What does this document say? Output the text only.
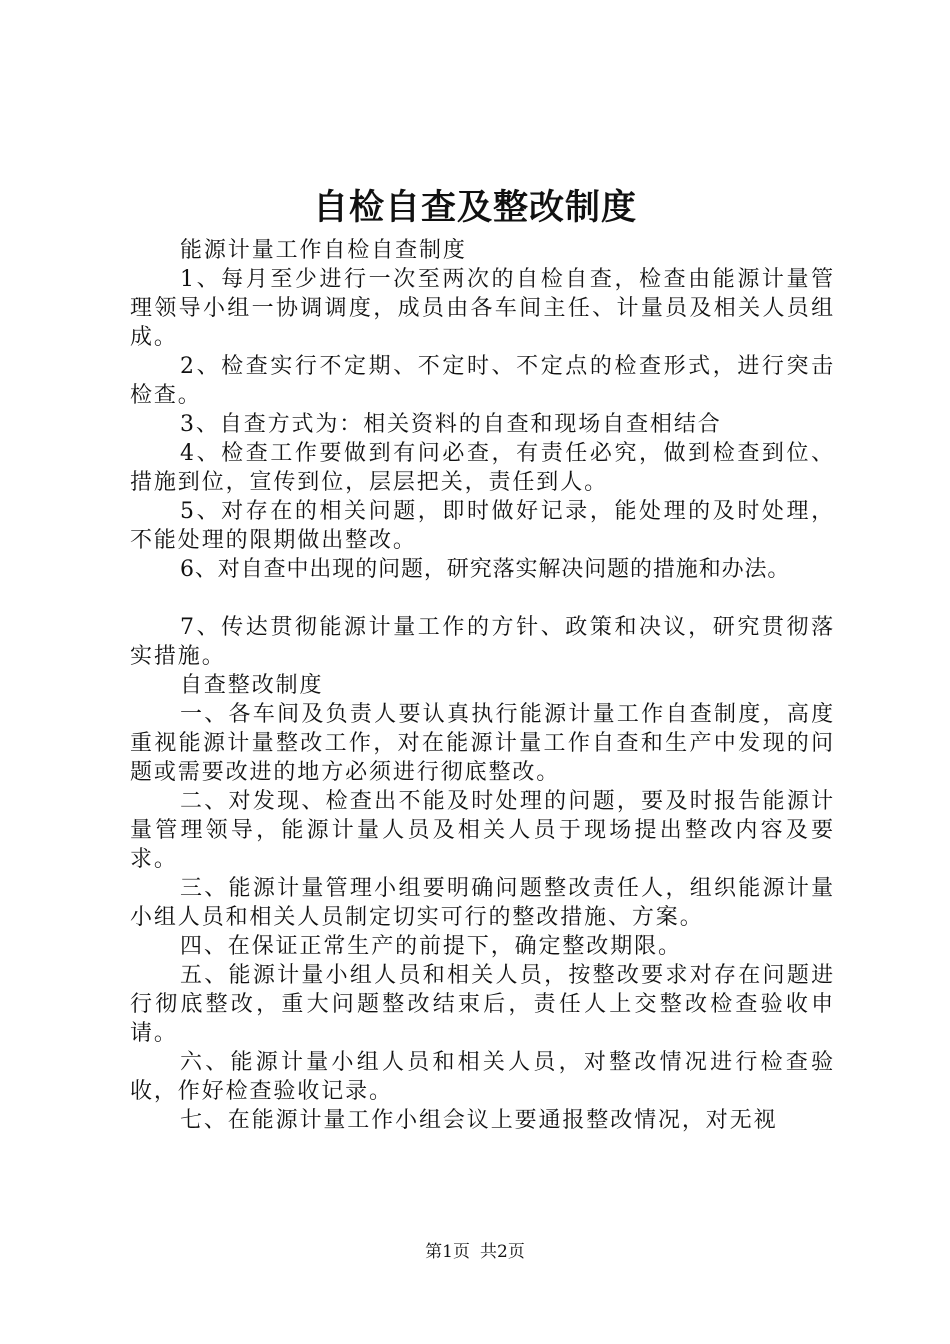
自检自查及整改制度

能源计量工作自检自查制度

1、每月至少进行一次至两次的自检自查，检查由能源计量管理领导小组一协调调度，成员由各车间主任、计量员及相关人员组成。

2、检查实行不定期、不定时、不定点的检查形式，进行突击检查。

3、自查方式为：相关资料的自查和现场自查相结合

4、检查工作要做到有问必查，有责任必究，做到检查到位、措施到位，宣传到位，层层把关，责任到人。

5、对存在的相关问题，即时做好记录，能处理的及时处理，不能处理的限期做出整改。

6、对自查中出现的问题，研究落实解决问题的措施和办法。

7、传达贯彻能源计量工作的方针、政策和决议，研究贯彻落实措施。

自查整改制度

一、各车间及负责人要认真执行能源计量工作自查制度，高度重视能源计量整改工作，对在能源计量工作自查和生产中发现的问题或需要改进的地方必须进行彻底整改。

二、对发现、检查出不能及时处理的问题，要及时报告能源计量管理领导，能源计量人员及相关人员于现场提出整改内容及要求。

三、能源计量管理小组要明确问题整改责任人，组织能源计量小组人员和相关人员制定切实可行的整改措施、方案。

四、在保证正常生产的前提下，确定整改期限。

五、能源计量小组人员和相关人员，按整改要求对存在问题进行彻底整改，重大问题整改结束后，责任人上交整改检查验收申请。

六、能源计量小组人员和相关人员，对整改情况进行检查验收，作好检查验收记录。

七、在能源计量工作小组会议上要通报整改情况，对无视

第1页 共2页
